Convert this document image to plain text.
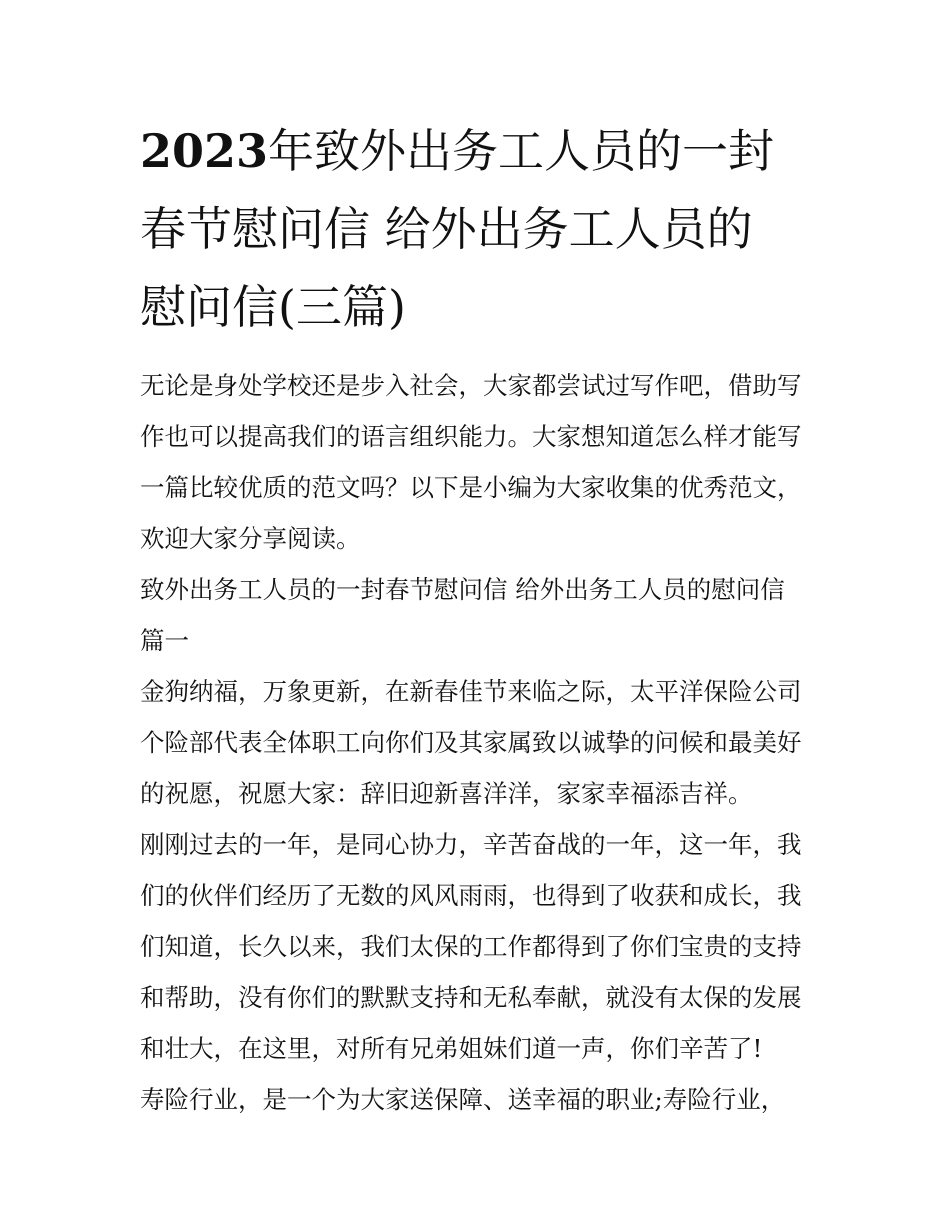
2023年致外出务工人员的一封
春节慰问信 给外出务工人员的
慰问信(三篇)

无论是身处学校还是步入社会，大家都尝试过写作吧，借助写
作也可以提高我们的语言组织能力。大家想知道怎么样才能写
一篇比较优质的范文吗？以下是小编为大家收集的优秀范文，
欢迎大家分享阅读。

致外出务工人员的一封春节慰问信 给外出务工人员的慰问信
篇一

金狗纳福，万象更新，在新春佳节来临之际，太平洋保险公司
个险部代表全体职工向你们及其家属致以诚挚的问候和最美好
的祝愿，祝愿大家：辞旧迎新喜洋洋，家家幸福添吉祥。

刚刚过去的一年，是同心协力，辛苦奋战的一年，这一年，我
们的伙伴们经历了无数的风风雨雨，也得到了收获和成长，我
们知道，长久以来，我们太保的工作都得到了你们宝贵的支持
和帮助，没有你们的默默支持和无私奉献，就没有太保的发展
和壮大，在这里，对所有兄弟姐妹们道一声，你们辛苦了!

寿险行业，是一个为大家送保障、送幸福的职业;寿险行业，
